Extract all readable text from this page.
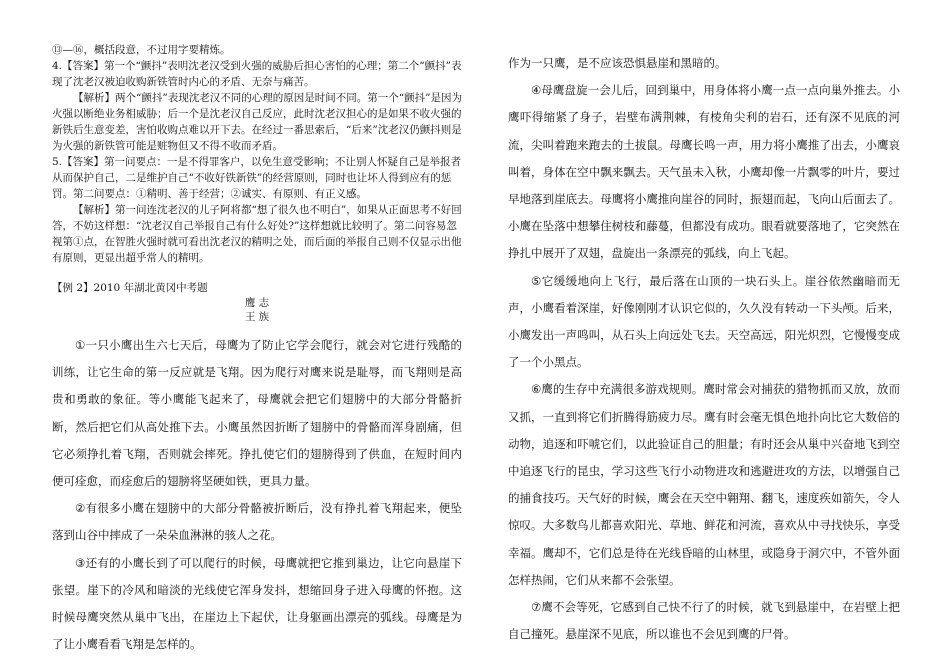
⑬—⑯，概括段意，不过用字要精炼。

4.【答案】第一个“颤抖”表明沈老汉受到火强的威胁后担心害怕的心理；第二个“颤抖”表现了沈老汉被迫收购新铁管时内心的矛盾、无奈与痛苦。

【解析】两个“颤抖”表现沈老汉不同的心理的原因是时间不同。第一个“颤抖”是因为火强以断绝业务相威胁；后一个是沈老汉自己反应，此时沈老汉担心的是如果不收火强的新铁后生意变差，害怕收购点难以开下去。在经过一番思索后，“后来”沈老汉仍颤抖则是为火强的新铁管可能是赃物但又不得不收而矛盾。

5.【答案】第一问要点：一是不得罪客户，以免生意受影响；不让别人怀疑自己是举报者从而保护自己，二是维护自己“不收好铁新铁”的经营原则，同时也让坏人得到应有的惩罚。第二问要点：①精明、善于经营；②诚实、有原则、有正义感。

【解析】第一问连沈老汉的儿子阿将都“想了很久也不明白”，如果从正面思考不好回答，不妨这样想：“沈老汉自己举报自己有什么好处?”这样想就比较明了。第二问容易忽视第①点，在智胜火强时就可看出沈老汉的精明之处，而后面的举报自己则不仅显示出他有原则，更显出超乎常人的精明。

【例 2】2010 年湖北黄冈中考题

鹰 志

王 族

①一只小鹰出生六七天后，母鹰为了防止它学会爬行，就会对它进行残酷的训练，让它生命的第一反应就是飞翔。因为爬行对鹰来说是耻辱，而飞翔则是高贵和勇敢的象征。等小鹰能飞起来了，母鹰就会把它们翅膀中的大部分骨骼折断，然后把它们从高处推下去。小鹰虽然因折断了翅膀中的骨骼而浑身剧痛，但它必须挣扎着飞翔，否则就会摔死。挣扎使它们的翅膀得到了供血，在短时间内便可痊愈，而痊愈后的翅膀将坚硬如铁，更具力量。

②有很多小鹰在翅膀中的大部分骨骼被折断后，没有挣扎着飞翔起来，便坠落到山谷中摔成了一朵朵血淋淋的骇人之花。

③还有的小鹰长到了可以爬行的时候，母鹰就把它推到巢边，让它向悬崖下张望。崖下的冷风和暗淡的光线使它浑身发抖，想缩回身子进入母鹰的怀抱。这时候母鹰突然从巢中飞出，在崖边上下起伏，让身躯画出漂亮的弧线。母鹰是为了让小鹰看看飞翔是怎样的。

作为一只鹰，是不应该恐惧悬崖和黑暗的。

④母鹰盘旋一会儿后，回到巢中，用身体将小鹰一点一点向巢外推去。小鹰吓得缩紧了身子，岩壁布满荆棘，有棱角尖利的岩石，还有深不见底的河流，尖叫着跑来跑去的土拔鼠。母鹰长鸣一声，用力将小鹰推了出去，小鹰哀叫着，身体在空中飘来飘去。天气虽未入秋，小鹰却像一片飘零的叶片，要过早地落到崖底去。母鹰将小鹰推向崖谷的同时，振翅而起，飞向山后面去了。小鹰在坠落中想攀住树枝和藤蔓，但都没有成功。眼看就要落地了，它突然在挣扎中展开了双翅，盘旋出一条漂亮的弧线，向上飞起。

⑤它缓缓地向上飞行，最后落在山顶的一块石头上。崖谷依然幽暗而无声，小鹰看着深崖，好像刚刚才认识它似的，久久没有转动一下头颅。后来，小鹰发出一声鸣叫，从石头上向远处飞去。天空高远，阳光炽烈，它慢慢变成了一个小黑点。

⑥鹰的生存中充满很多游戏规则。鹰时常会对捕获的猎物抓而又放，放而又抓，一直到将它们折腾得筋疲力尽。鹰有时会毫无惧色地扑向比它大数倍的动物，追逐和吓唬它们，以此验证自己的胆量；有时还会从巢中兴奋地飞到空中追逐飞行的昆虫，学习这些飞行小动物进攻和逃避进攻的方法，以增强自己的捕食技巧。天气好的时候，鹰会在天空中翱翔、翻飞，速度疾如箭矢，令人惊叹。大多数鸟儿都喜欢阳光、草地、鲜花和河流，喜欢从中寻找快乐，享受幸福。鹰却不，它们总是待在光线昏暗的山林里，或隐身于洞穴中，不管外面怎样热闹，它们从来都不会张望。

⑦鹰不会等死，它感到自己快不行了的时候，就飞到悬崖中，在岩壁上把自己撞死。悬崖深不见底，所以谁也不会见到鹰的尸骨。
